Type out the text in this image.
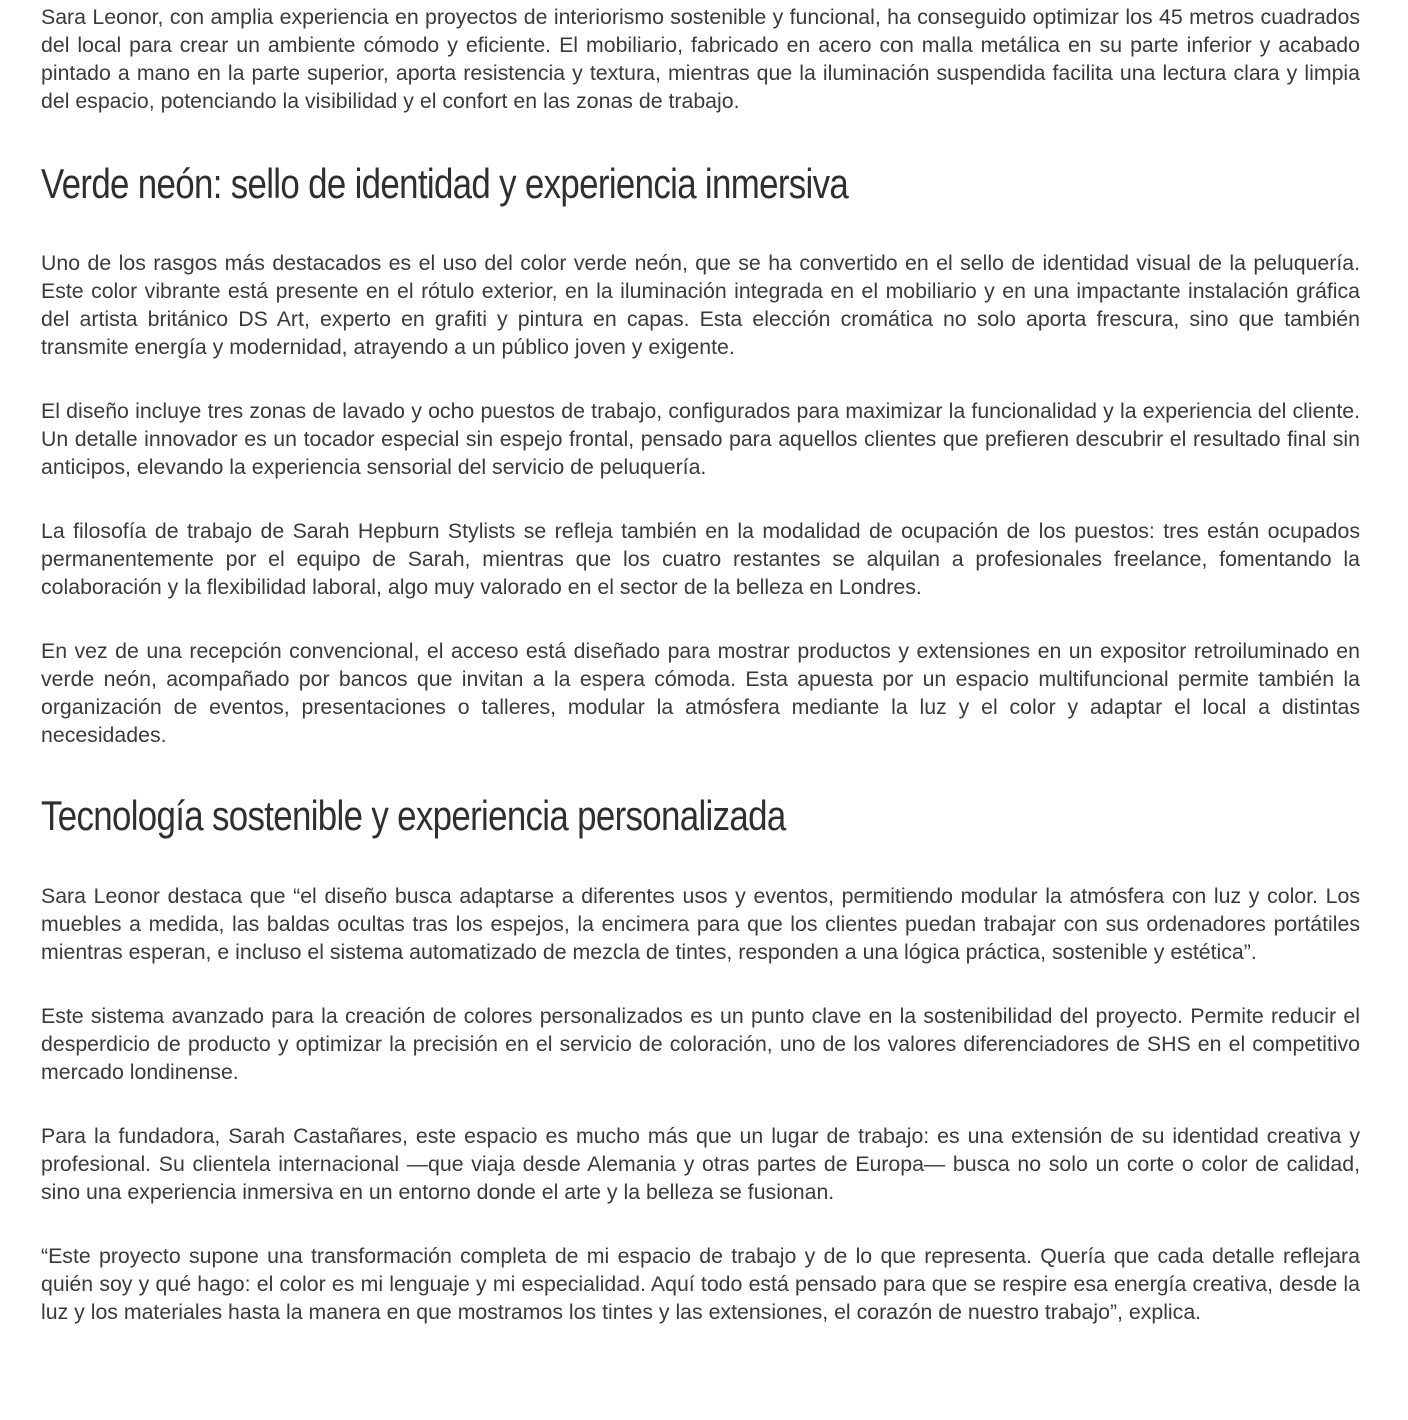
Sara Leonor, con amplia experiencia en proyectos de interiorismo sostenible y funcional, ha conseguido optimizar los 45 metros cuadrados del local para crear un ambiente cómodo y eficiente. El mobiliario, fabricado en acero con malla metálica en su parte inferior y acabado pintado a mano en la parte superior, aporta resistencia y textura, mientras que la iluminación suspendida facilita una lectura clara y limpia del espacio, potenciando la visibilidad y el confort en las zonas de trabajo.

Verde neón: sello de identidad y experiencia inmersiva

Uno de los rasgos más destacados es el uso del color verde neón, que se ha convertido en el sello de identidad visual de la peluquería. Este color vibrante está presente en el rótulo exterior, en la iluminación integrada en el mobiliario y en una impactante instalación gráfica del artista británico DS Art, experto en grafiti y pintura en capas. Esta elección cromática no solo aporta frescura, sino que también transmite energía y modernidad, atrayendo a un público joven y exigente.

El diseño incluye tres zonas de lavado y ocho puestos de trabajo, configurados para maximizar la funcionalidad y la experiencia del cliente. Un detalle innovador es un tocador especial sin espejo frontal, pensado para aquellos clientes que prefieren descubrir el resultado final sin anticipos, elevando la experiencia sensorial del servicio de peluquería.

La filosofía de trabajo de Sarah Hepburn Stylists se refleja también en la modalidad de ocupación de los puestos: tres están ocupados permanentemente por el equipo de Sarah, mientras que los cuatro restantes se alquilan a profesionales freelance, fomentando la colaboración y la flexibilidad laboral, algo muy valorado en el sector de la belleza en Londres.

En vez de una recepción convencional, el acceso está diseñado para mostrar productos y extensiones en un expositor retroiluminado en verde neón, acompañado por bancos que invitan a la espera cómoda. Esta apuesta por un espacio multifuncional permite también la organización de eventos, presentaciones o talleres, modular la atmósfera mediante la luz y el color y adaptar el local a distintas necesidades.

Tecnología sostenible y experiencia personalizada

Sara Leonor destaca que “el diseño busca adaptarse a diferentes usos y eventos, permitiendo modular la atmósfera con luz y color. Los muebles a medida, las baldas ocultas tras los espejos, la encimera para que los clientes puedan trabajar con sus ordenadores portátiles mientras esperan, e incluso el sistema automatizado de mezcla de tintes, responden a una lógica práctica, sostenible y estética”.

Este sistema avanzado para la creación de colores personalizados es un punto clave en la sostenibilidad del proyecto. Permite reducir el desperdicio de producto y optimizar la precisión en el servicio de coloración, uno de los valores diferenciadores de SHS en el competitivo mercado londinense.

Para la fundadora, Sarah Castañares, este espacio es mucho más que un lugar de trabajo: es una extensión de su identidad creativa y profesional. Su clientela internacional —que viaja desde Alemania y otras partes de Europa— busca no solo un corte o color de calidad, sino una experiencia inmersiva en un entorno donde el arte y la belleza se fusionan.

“Este proyecto supone una transformación completa de mi espacio de trabajo y de lo que representa. Quería que cada detalle reflejara quién soy y qué hago: el color es mi lenguaje y mi especialidad. Aquí todo está pensado para que se respire esa energía creativa, desde la luz y los materiales hasta la manera en que mostramos los tintes y las extensiones, el corazón de nuestro trabajo”, explica.
